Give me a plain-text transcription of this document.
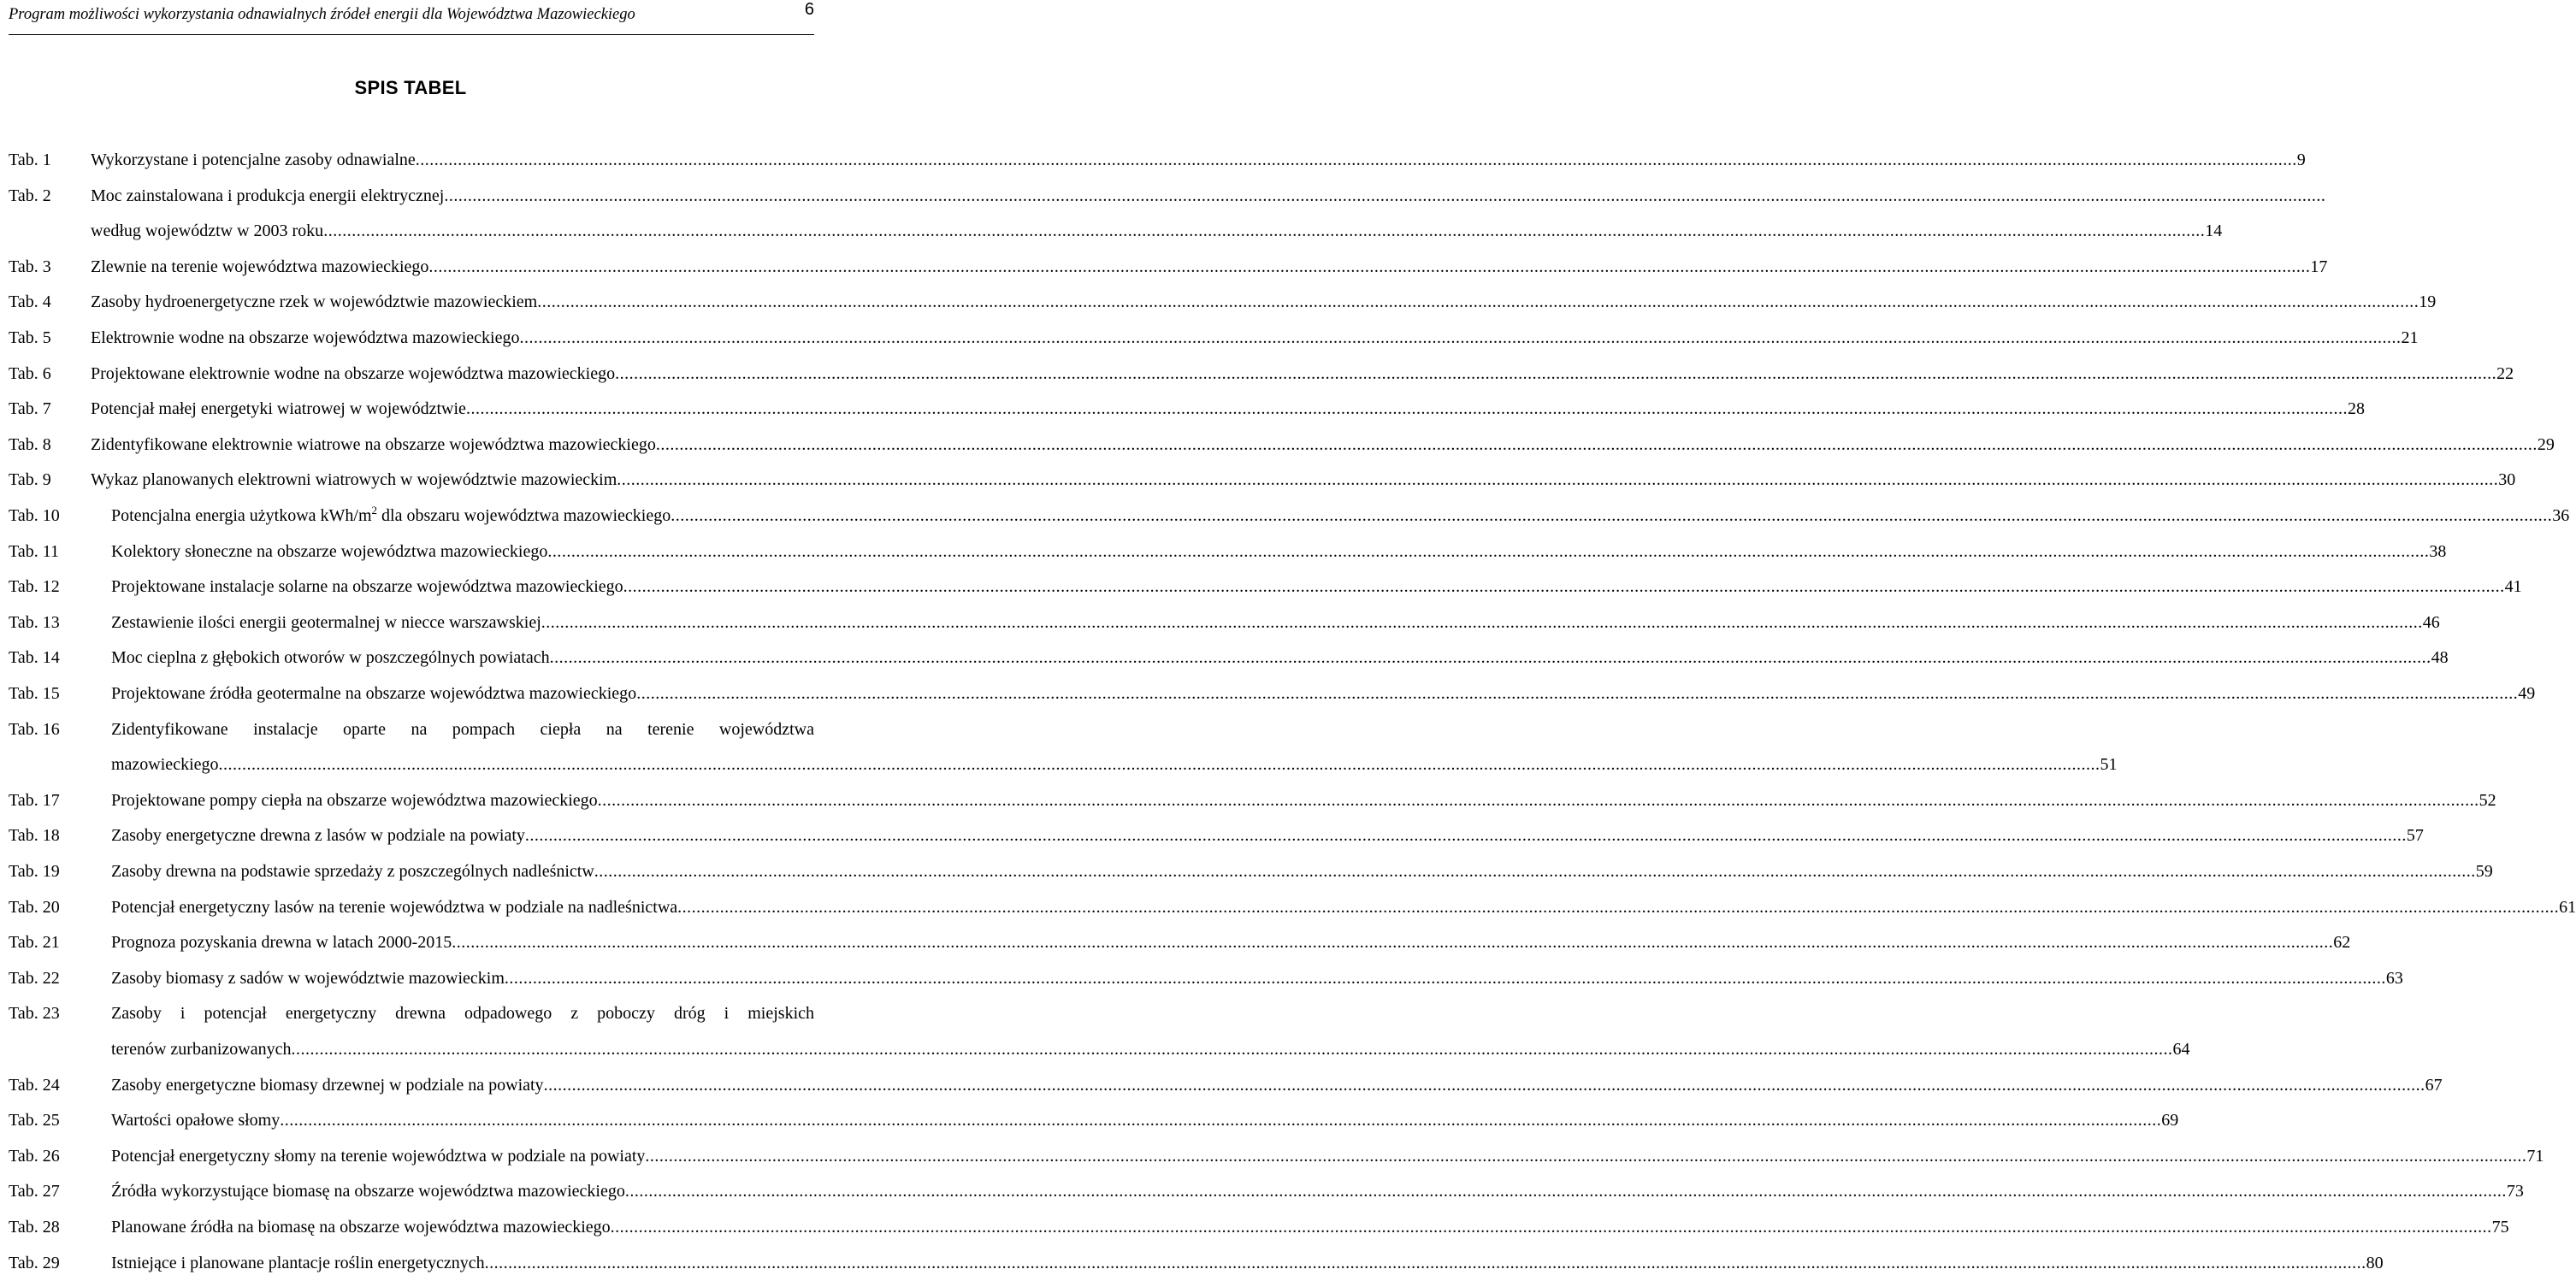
Program możliwości wykorzystania odnawialnych źródeł energii dla Województwa Mazowieckiego	6
SPIS TABEL
Tab. 1 Wykorzystane i potencjalne zasoby odnawialne ................................................................................................................................................................................................................................................................................................................................................................................................................ 9
Tab. 2 Moc zainstalowana i produkcja energii elektrycznej ................................................................................................................................................................................................................................................................................................................................................................................................................
według województw w 2003 roku ................................................................................................................................................................................................................................................................................................................................................................................................................ 14
Tab. 3 Zlewnie na terenie województwa mazowieckiego ................................................................................................................................................................................................................................................................................................................................................................................................................ 17
Tab. 4 Zasoby hydroenergetyczne rzek w województwie mazowieckiem ................................................................................................................................................................................................................................................................................................................................................................................................................ 19
Tab. 5 Elektrownie wodne na obszarze województwa mazowieckiego ................................................................................................................................................................................................................................................................................................................................................................................................................ 21
Tab. 6 Projektowane elektrownie wodne na obszarze województwa mazowieckiego ................................................................................................................................................................................................................................................................................................................................................................................................................ 22
Tab. 7 Potencjał małej energetyki wiatrowej w województwie ................................................................................................................................................................................................................................................................................................................................................................................................................ 28
Tab. 8 Zidentyfikowane elektrownie wiatrowe na obszarze województwa mazowieckiego ................................................................................................................................................................................................................................................................................................................................................................................................................ 29
Tab. 9 Wykaz planowanych elektrowni wiatrowych w województwie mazowieckim ................................................................................................................................................................................................................................................................................................................................................................................................................ 30
Tab. 10	Potencjalna energia użytkowa kWh/$m^2$ dla obszaru województwa mazowieckiego ................................................................................................................................................................................................................................................................................................................................................................................................................ 36
Tab. 11	Kolektory słoneczne na obszarze województwa mazowieckiego ................................................................................................................................................................................................................................................................................................................................................................................................................ 38
Tab. 12	Projektowane instalacje solarne na obszarze województwa mazowieckiego ................................................................................................................................................................................................................................................................................................................................................................................................................ 41
Tab. 13	Zestawienie ilości energii geotermalnej w niecce warszawskiej ................................................................................................................................................................................................................................................................................................................................................................................................................ 46
Tab. 14	Moc cieplna z głębokich otworów w poszczególnych powiatach ................................................................................................................................................................................................................................................................................................................................................................................................................ 48
Tab. 15	Projektowane źródła geotermalne na obszarze województwa mazowieckiego ................................................................................................................................................................................................................................................................................................................................................................................................................ 49
Tab. 16	Zidentyfikowane instalacje oparte na pompach ciepła na terenie województwa
mazowieckiego ................................................................................................................................................................................................................................................................................................................................................................................................................ 51
Tab. 17	Projektowane pompy ciepła na obszarze województwa mazowieckiego ................................................................................................................................................................................................................................................................................................................................................................................................................ 52
Tab. 18	Zasoby energetyczne drewna z lasów w podziale na powiaty ................................................................................................................................................................................................................................................................................................................................................................................................................ 57
Tab. 19	Zasoby drewna na podstawie sprzedaży z poszczególnych nadleśnictw ................................................................................................................................................................................................................................................................................................................................................................................................................ 59
Tab. 20	Potencjał energetyczny lasów na terenie województwa w podziale na nadleśnictwa ................................................................................................................................................................................................................................................................................................................................................................................................................ 61
Tab. 21	Prognoza pozyskania drewna w latach 2000-2015 ................................................................................................................................................................................................................................................................................................................................................................................................................ 62
Tab. 22	Zasoby biomasy z sadów w województwie mazowieckim ................................................................................................................................................................................................................................................................................................................................................................................................................ 63
Tab. 23	Zasoby i potencjał energetyczny drewna odpadowego z poboczy dróg i miejskich
terenów zurbanizowanych ................................................................................................................................................................................................................................................................................................................................................................................................................ 64
Tab. 24	Zasoby energetyczne biomasy drzewnej w podziale na powiaty ................................................................................................................................................................................................................................................................................................................................................................................................................ 67
Tab. 25	Wartości opałowe słomy ................................................................................................................................................................................................................................................................................................................................................................................................................ 69
Tab. 26	Potencjał energetyczny słomy na terenie województwa w podziale na powiaty ................................................................................................................................................................................................................................................................................................................................................................................................................ 71
Tab. 27	Źródła wykorzystujące biomasę na obszarze województwa mazowieckiego ................................................................................................................................................................................................................................................................................................................................................................................................................ 73
Tab. 28	Planowane źródła na biomasę na obszarze województwa mazowieckiego ................................................................................................................................................................................................................................................................................................................................................................................................................ 75
Tab. 29	Istniejące i planowane plantacje roślin energetycznych ................................................................................................................................................................................................................................................................................................................................................................................................................ 80
